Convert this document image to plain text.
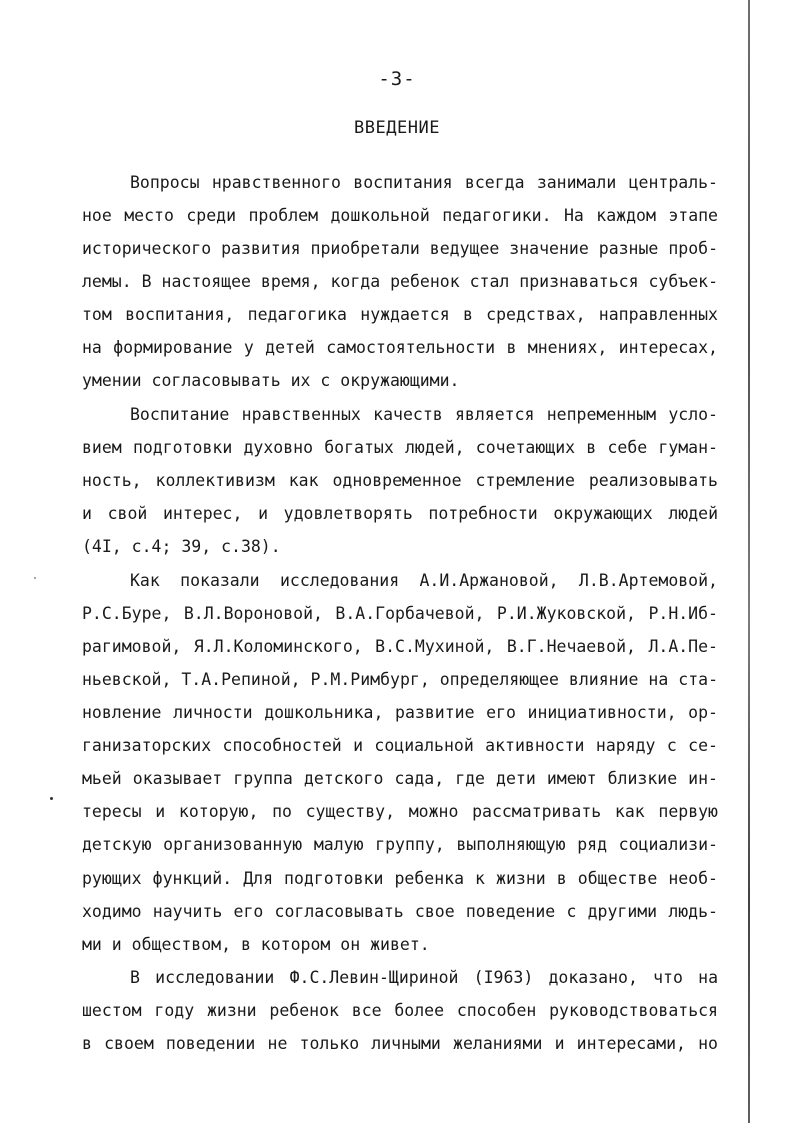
-3-
ВВЕДЕНИЕ
Вопросы нравственного воспитания всегда занимали централь-
ное место среди проблем дошкольной педагогики. На каждом этапе
исторического развития приобретали ведущее значение разные проб-
лемы. В настоящее время, когда ребенок стал признаваться субъек-
том воспитания, педагогика нуждается в средствах, направленных
на формирование у детей самостоятельности в мнениях, интересах,
умении согласовывать их с окружающими.
Воспитание нравственных качеств является непременным усло-
вием подготовки духовно богатых людей, сочетающих в себе гуман-
ность, коллективизм как одновременное стремление реализовывать
и свой интерес, и удовлетворять потребности окружающих людей
(4I, с.4; 39, с.38).
Как показали исследования А.И.Аржановой, Л.В.Артемовой,
Р.С.Буре, В.Л.Вороновой, В.А.Горбачевой, Р.И.Жуковской, Р.Н.Иб-
рагимовой, Я.Л.Коломинского, В.С.Мухиной, В.Г.Нечаевой, Л.А.Пе-
ньевской, Т.А.Репиной, Р.М.Римбург, определяющее влияние на ста-
новление личности дошкольника, развитие его инициативности, ор-
ганизаторских способностей и социальной активности наряду с се-
мьей оказывает группа детского сада, где дети имеют близкие ин-
тересы и которую, по существу, можно рассматривать как первую
детскую организованную малую группу, выполняющую ряд социализи-
рующих функций. Для подготовки ребенка к жизни в обществе необ-
ходимо научить его согласовывать свое поведение с другими людь-
ми и обществом, в котором он живет.
В исследовании Ф.С.Левин-Щириной (I963) доказано, что на
шестом году жизни ребенок все более способен руководствоваться
в своем поведении не только личными желаниями и интересами, но
